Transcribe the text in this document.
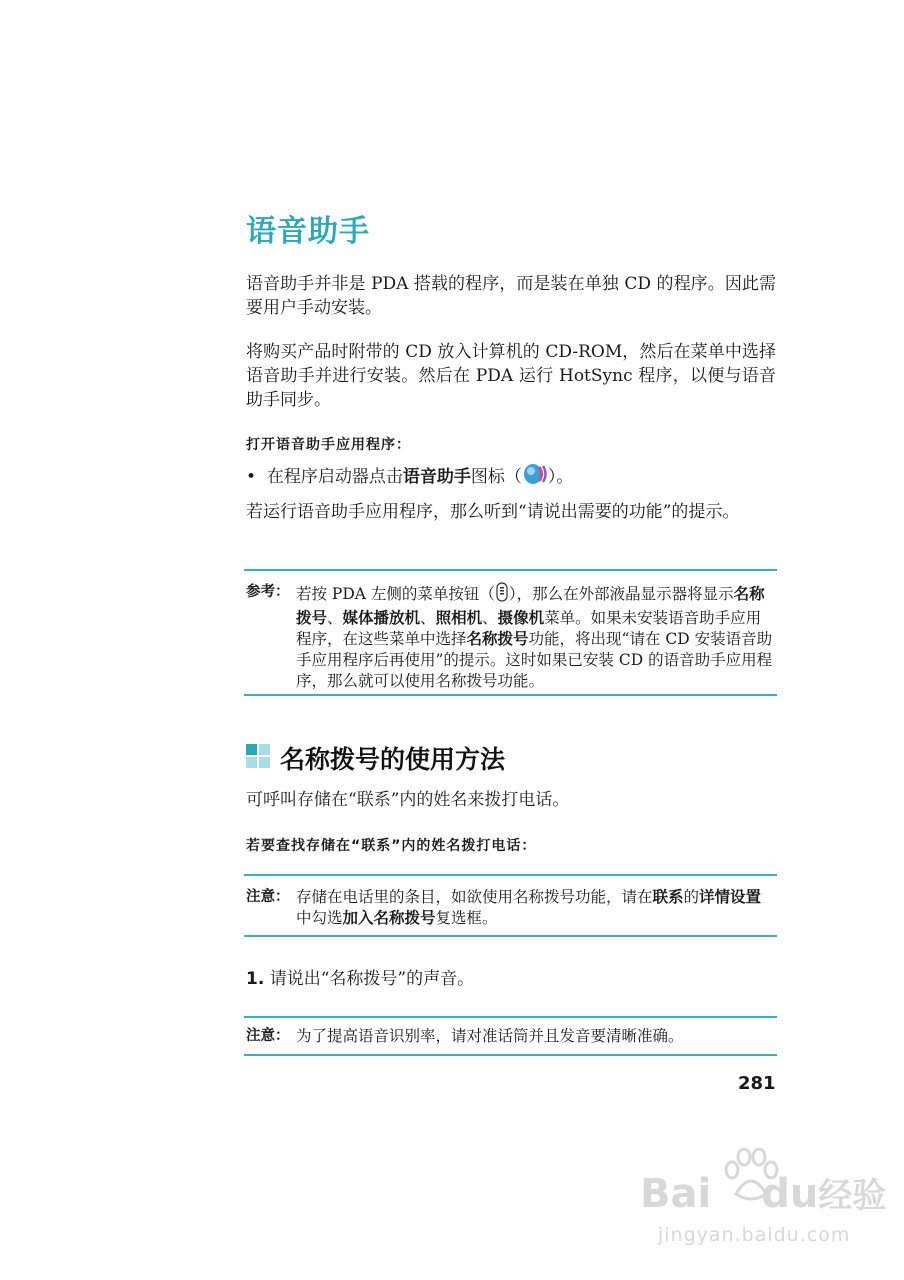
语音助手
语音助手并非是 PDA 搭载的程序，而是装在单独 CD 的程序。因此需要用户手动安装。
将购买产品时附带的 CD 放入计算机的 CD-ROM，然后在菜单中选择语音助手并进行安装。然后在 PDA 运行 HotSync 程序，以便与语音助手同步。
打开语音助手应用程序：
•  在程序启动器点击语音助手图标（ ）。
若运行语音助手应用程序，那么听到“请说出需要的功能”的提示。
参考： 若按 PDA 左侧的菜单按钮（ ），那么在外部液晶显示器将显示名称拨号、媒体播放机、照相机、摄像机菜单。如果未安装语音助手应用程序，在这些菜单中选择名称拨号功能，将出现“请在 CD 安装语音助手应用程序后再使用”的提示。这时如果已安装 CD 的语音助手应用程序，那么就可以使用名称拨号功能。
名称拨号的使用方法
可呼叫存储在“联系”内的姓名来拨打电话。
若要查找存储在“联系”内的姓名拨打电话：
注意： 存储在电话里的条目，如欲使用名称拨号功能，请在联系的详情设置中勾选加入名称拨号复选框。
1. 请说出“名称拨号”的声音。
注意： 为了提高语音识别率，请对准话筒并且发音要清晰准确。
281
Bai du经验
jingyan.baidu.com
